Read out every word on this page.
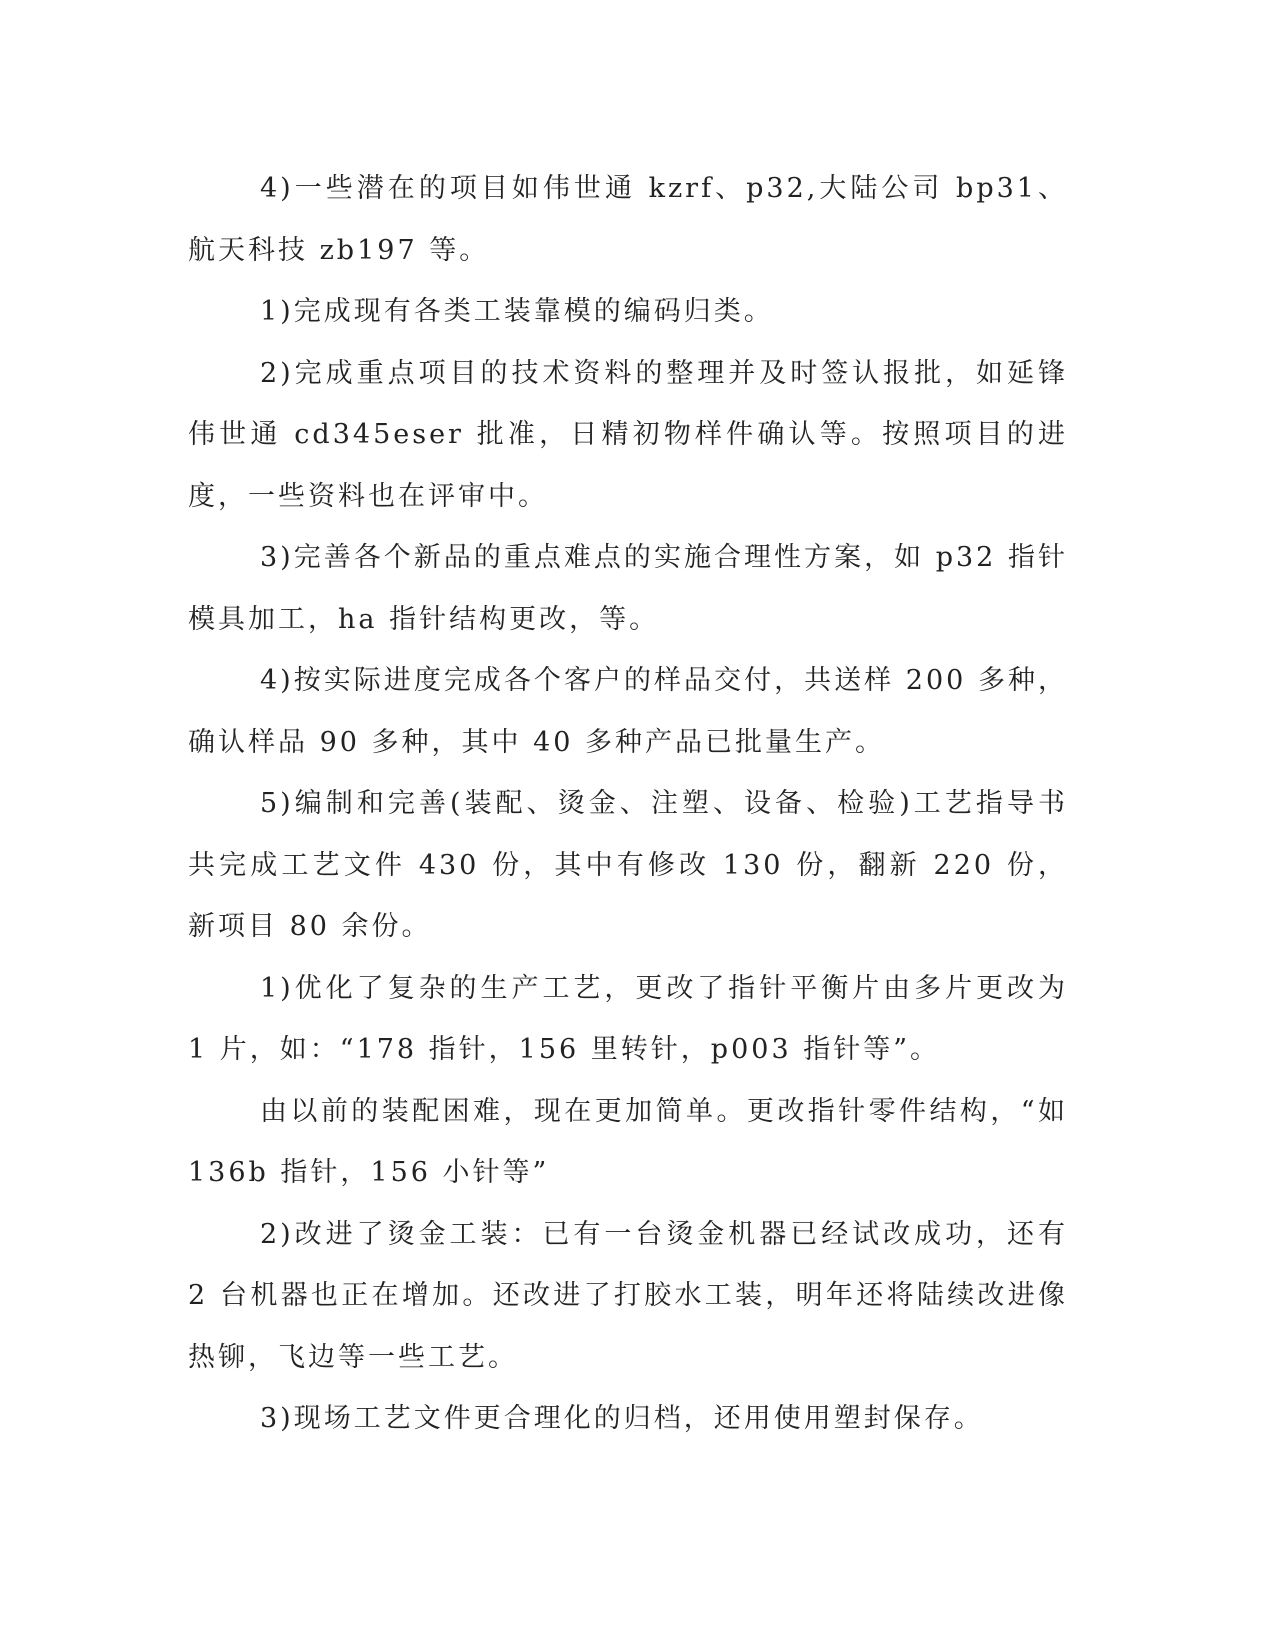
4)一些潜在的项目如伟世通 kzrf、p32,大陆公司 bp31、航天科技 zb197 等。

1)完成现有各类工装靠模的编码归类。

2)完成重点项目的技术资料的整理并及时签认报批，如延锋伟世通 cd345eser 批准，日精初物样件确认等。按照项目的进度，一些资料也在评审中。

3)完善各个新品的重点难点的实施合理性方案，如 p32 指针模具加工，ha 指针结构更改，等。

4)按实际进度完成各个客户的样品交付，共送样 200 多种，确认样品 90 多种，其中 40 多种产品已批量生产。

5)编制和完善(装配、烫金、注塑、设备、检验)工艺指导书共完成工艺文件 430 份，其中有修改 130 份，翻新 220 份，新项目 80 余份。

1)优化了复杂的生产工艺，更改了指针平衡片由多片更改为 1 片，如：“178 指针，156 里转针，p003 指针等”。

由以前的装配困难，现在更加简单。更改指针零件结构，“如 136b 指针，156 小针等”

2)改进了烫金工装：已有一台烫金机器已经试改成功，还有 2 台机器也正在增加。还改进了打胶水工装，明年还将陆续改进像热铆，飞边等一些工艺。

3)现场工艺文件更合理化的归档，还用使用塑封保存。
